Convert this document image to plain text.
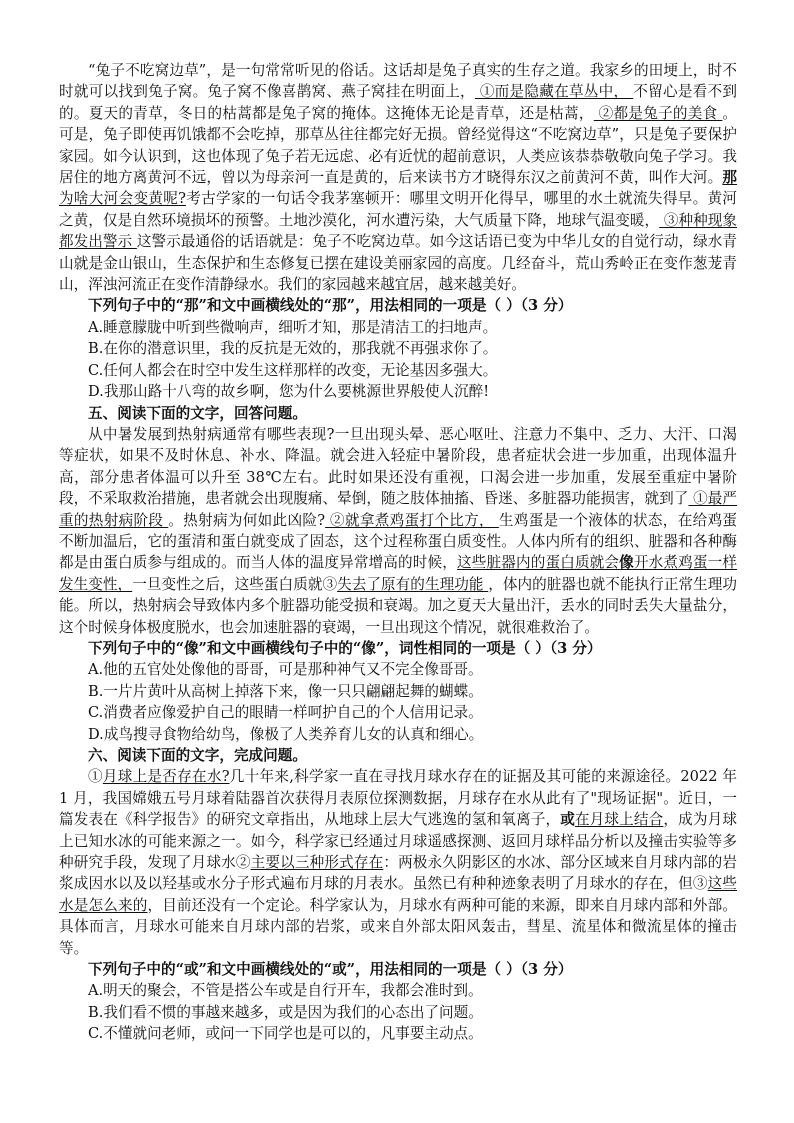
“兔子不吃窝边草”，是一句常常听见的俗话。这话却是兔子真实的生存之道。我家乡的田埂上，时不时就可以找到兔子窝。兔子窝不像喜鹊窝、燕子窝挂在明面上， ①而是隐藏在草丛中， 不留心是看不到的。夏天的青草，冬日的枯蒿都是兔子窝的掩体。这掩体无论是青草，还是枯蒿， ②都是兔子的美食 。可是，兔子即使再饥饿都不会吃掉，那草丛往往都完好无损。曾经觉得这“不吃窝边草”，只是兔子要保护家园。如今认识到，这也体现了兔子若无远虑、必有近忧的超前意识，人类应该恭恭敬敬向兔子学习。我居住的地方离黄河不远，曾以为母亲河一直是黄的，后来读书方才晓得东汉之前黄河不黄，叫作大河。那为啥大河会变黄呢?考古学家的一句话令我茅塞顿开：哪里文明开化得早，哪里的水土就流失得早。黄河之黄，仅是自然环境损坏的预警。土地沙漠化，河水遭污染，大气质量下降，地球气温变暖， ③种种现象都发出警示 这警示最通俗的话语就是：兔子不吃窝边草。如今这话语已变为中华儿女的自觉行动，绿水青山就是金山银山，生态保护和生态修复已摆在建设美丽家园的高度。几经奋斗，荒山秀岭正在变作葱茏青山，浑浊河流正在变作清静绿水。我们的家园越来越宜居，越来越美好。

下列句子中的“那”和文中画横线处的“那”，用法相同的一项是（ ）（3 分）

A.睡意朦胧中听到些微响声，细听才知，那是清洁工的扫地声。

B.在你的潜意识里，我的反抗是无效的，那我就不再强求你了。

C.任何人都会在时空中发生这样那样的改变，无论基因多强大。

D.我那山路十八弯的故乡啊，您为什么要桃源世界般使人沉醉!

五、阅读下面的文字，回答问题。

从中暑发展到热射病通常有哪些表现?一旦出现头晕、恶心呕吐、注意力不集中、乏力、大汗、口渴等症状，如果不及时休息、补水、降温。就会进入轻症中暑阶段，患者症状会进一步加重，出现体温升高，部分患者体温可以升至 38℃左右。此时如果还没有重视，口渴会进一步加重，发展至重症中暑阶段，不采取救治措施，患者就会出现腹痛、晕倒，随之肢体抽搐、昏迷、多脏器功能损害，就到了 ①最严重的热射病阶段 。热射病为何如此凶险? ②就拿煮鸡蛋打个比方， 生鸡蛋是一个液体的状态，在给鸡蛋不断加温后，它的蛋清和蛋白就变成了固态，这个过程称蛋白质变性。人体内所有的组织、脏器和各种酶都是由蛋白质参与组成的。而当人体的温度异常增高的时候，这些脏器内的蛋白质就会像开水煮鸡蛋一样发生变性，一旦变性之后，这些蛋白质就③失去了原有的生理功能 ，体内的脏器也就不能执行正常生理功能。所以，热射病会导致体内多个脏器功能受损和衰竭。加之夏天大量出汗，丢水的同时丢失大量盐分，这个时候身体极度脱水，也会加速脏器的衰竭，一旦出现这个情况，就很难救治了。

下列句子中的“像”和文中画横线句子中的“像”，词性相同的一项是（ ）（3 分）

A.他的五官处处像他的哥哥，可是那种神气又不完全像哥哥。

B.一片片黄叶从高树上掉落下来，像一只只翩翩起舞的蝴蝶。

C.消费者应像爱护自己的眼睛一样呵护自己的个人信用记录。

D.成鸟搜寻食物给幼鸟，像极了人类养育儿女的认真和细心。

六、阅读下面的文字，完成问题。

①月球上是否存在水?几十年来,科学家一直在寻找月球水存在的证据及其可能的来源途径。2022 年 1 月，我国嫦娥五号月球着陆器首次获得月表原位探测数据，月球存在水从此有了"现场证据"。近日，一篇发表在《科学报告》的研究文章指出，从地球上层大气逃逸的氢和氧离子，或在月球上结合，成为月球上已知水冰的可能来源之一。如今，科学家已经通过月球遥感探测、返回月球样品分析以及撞击实验等多种研究手段，发现了月球水②主要以三种形式存在：两极永久阴影区的水冰、部分区域来自月球内部的岩浆成因水以及以羟基或水分子形式遍布月球的月表水。虽然已有种种迹象表明了月球水的存在，但③这些水是怎么来的，目前还没有一个定论。科学家认为，月球水有两种可能的来源，即来自月球内部和外部。具体而言，月球水可能来自月球内部的岩浆，或来自外部太阳风轰击，彗星、流星体和微流星体的撞击等。

下列句子中的“或”和文中画横线处的“或”，用法相同的一项是（ ）（3 分）

A.明天的聚会，不管是搭公车或是自行开车，我都会准时到。

B.我们看不惯的事越来越多，或是因为我们的心态出了问题。

C.不懂就问老师，或问一下同学也是可以的，凡事要主动点。
